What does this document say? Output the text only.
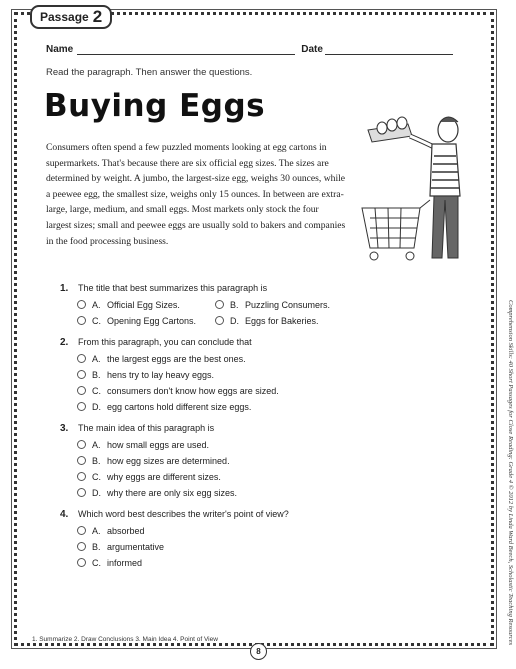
Passage 2
Name	Date
Read the paragraph. Then answer the questions.
Buying Eggs
Consumers often spend a few puzzled moments looking at egg cartons in supermarkets. That's because there are six official egg sizes. The sizes are determined by weight. A jumbo, the largest-size egg, weighs 30 ounces, while a peewee egg, the smallest size, weighs only 15 ounces. In between are extra-large, large, medium, and small eggs. Most markets only stock the four largest sizes; small and peewee eggs are usually sold to bakers and companies in the food processing business.
1. The title that best summarizes this paragraph is
A. Official Egg Sizes.	B. Puzzling Consumers.
C. Opening Egg Cartons.	D. Eggs for Bakeries.
2. From this paragraph, you can conclude that
A. the largest eggs are the best ones.
B. hens try to lay heavy eggs.
C. consumers don't know how eggs are sized.
D. egg cartons hold different size eggs.
3. The main idea of this paragraph is
A. how small eggs are used.
B. how egg sizes are determined.
C. why eggs are different sizes.
D. why there are only six egg sizes.
4. Which word best describes the writer's point of view?
A. absorbed
B. argumentative
C. informed	Comprehension Skills: 40 Short Passages for Close Reading: Grade 4 © 2012 by Linda Ward Beech, Scholastic Teaching Resources
1. Summarize 2. Draw Conclusions 3. Main Idea 4. Point of View
8
